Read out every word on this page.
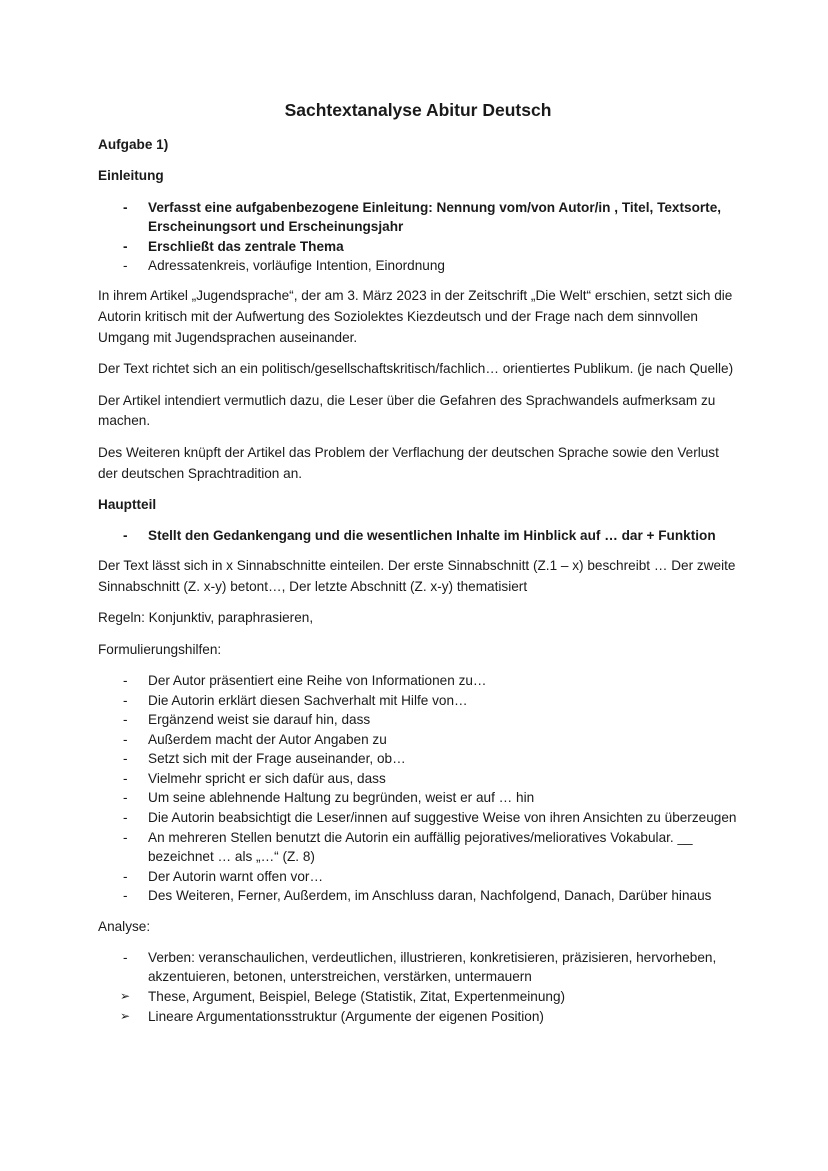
Sachtextanalyse Abitur Deutsch

Aufgabe 1)

Einleitung

- Verfasst eine aufgabenbezogene Einleitung: Nennung vom/von Autor/in , Titel, Textsorte, Erscheinungsort und Erscheinungsjahr
- Erschließt das zentrale Thema
- Adressatenkreis, vorläufige Intention, Einordnung

In ihrem Artikel „Jugendsprache“, der am 3. März 2023 in der Zeitschrift „Die Welt“ erschien, setzt sich die Autorin kritisch mit der Aufwertung des Soziolektes Kiezdeutsch und der Frage nach dem sinnvollen Umgang mit Jugendsprachen auseinander.

Der Text richtet sich an ein politisch/gesellschaftskritisch/fachlich… orientiertes Publikum. (je nach Quelle)

Der Artikel intendiert vermutlich dazu, die Leser über die Gefahren des Sprachwandels aufmerksam zu machen.

Des Weiteren knüpft der Artikel das Problem der Verflachung der deutschen Sprache sowie den Verlust der deutschen Sprachtradition an.

Hauptteil

- Stellt den Gedankengang und die wesentlichen Inhalte im Hinblick auf … dar + Funktion

Der Text lässt sich in x Sinnabschnitte einteilen. Der erste Sinnabschnitt (Z.1 – x) beschreibt … Der zweite Sinnabschnitt (Z. x-y) betont…, Der letzte Abschnitt (Z. x-y) thematisiert

Regeln: Konjunktiv, paraphrasieren,

Formulierungshilfen:

- Der Autor präsentiert eine Reihe von Informationen zu…
- Die Autorin erklärt diesen Sachverhalt mit Hilfe von…
- Ergänzend weist sie darauf hin, dass
- Außerdem macht der Autor Angaben zu
- Setzt sich mit der Frage auseinander, ob…
- Vielmehr spricht er sich dafür aus, dass
- Um seine ablehnende Haltung zu begründen, weist er auf … hin
- Die Autorin beabsichtigt die Leser/innen auf suggestive Weise von ihren Ansichten zu überzeugen
- An mehreren Stellen benutzt die Autorin ein auffällig pejoratives/melioratives Vokabular. __ bezeichnet … als „…“ (Z. 8)
- Der Autorin warnt offen vor…
- Des Weiteren, Ferner, Außerdem, im Anschluss daran, Nachfolgend, Danach, Darüber hinaus

Analyse:

- Verben: veranschaulichen, verdeutlichen, illustrieren, konkretisieren, präzisieren, hervorheben, akzentuieren, betonen, unterstreichen, verstärken, untermauern
➢ These, Argument, Beispiel, Belege (Statistik, Zitat, Expertenmeinung)
➢ Lineare Argumentationsstruktur (Argumente der eigenen Position)
